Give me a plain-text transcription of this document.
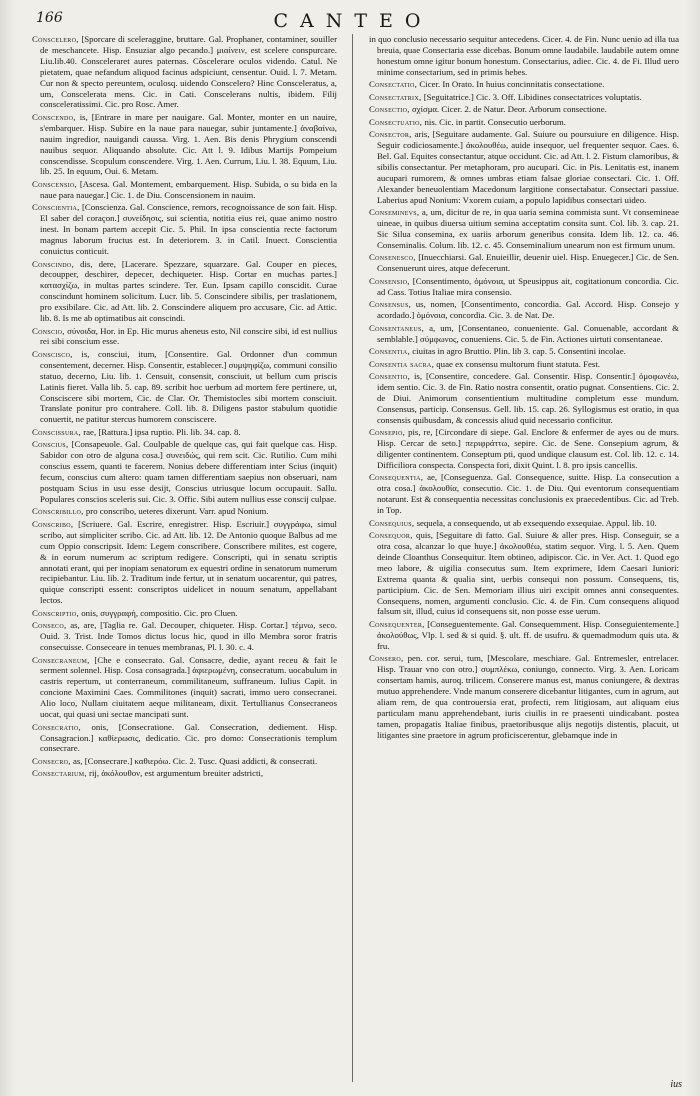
166	CANTEO

Conscelero, [Sporcare di sceleraggine, bruttare. Gal. Prophaner, contaminer, souiller de meschancete. Hisp. Ensuziar algo pecando.] μιαίνειν, est scelere conspurcare. Liu.lib.40. Consceleraret aures paternas. Cõscelerare oculos videndo. Catul. Ne pietatem, quae nefandum aliquod facinus adspiciunt, censentur. Ouid. l. 7. Metam. Cur non & specto pereuntem, oculosq. uidendo Conscelero? Hinc Consceleratus, a, um, Conscelerata mens. Cic. in Cati. Conscelerans nultis, ibidem. Filij consceleratissimi. Cic. pro Rosc. Amer.

Conscendo, is, [Entrare in mare per nauigare. Gal. Monter, monter en un nauire, s'embarquer. Hisp. Subire en la naue para nauegar, subir juntamente.] ἀναβαίνω, nauim ingredior, nauigandi caussa. Virg. 1. Aen. Bis denis Phrygium conscendi nauibus sequor. Aliquando absolute. Cic. Att l. 9. Idibus Martijs Pompeium conscendisse. Scopulum conscendere. Virg. 1. Aen. Currum, Liu. l. 38. Equum, Liu. lib. 25. In equum, Oui. 6. Metam.

Conscensio, [Ascesa. Gal. Montement, embarquement. Hisp. Subida, o su bida en la naue para nauegar.] Cic. 1. de Diu. Conscensionem in nauim.

Conscientia, [Conscienza. Gal. Conscience, remors, recognoissance de son fait. Hisp. El saber del coraçon.] συνείδησις, sui scientia, notitia eius rei, quae animo nostro inest. In bonam partem accepit Cic. 5. Phil. In ipsa conscientia recte factorum magnus laborum fructus est. In deteriorem. 3. in Catil. Inuect. Conscientia conuictus conticuit.

Conscindo, dis, dere, [Lacerare. Spezzare, squarzare. Gal. Couper en pieces, decoupper, deschirer, depecer, dechiqueter. Hisp. Cortar en muchas partes.] κατασχίζω, in multas partes scindere. Ter. Eun. Ipsam capillo conscidit. Curae conscindunt hominem solicitum. Lucr. lib. 5. Conscindere sibilis, per traslationem, pro exsibilare. Cic. ad Att. lib. 2. Conscindere aliquem pro accusare, Cic. ad Attic. lib. 8. Is me ab optimatibus ait conscindi.

Conscio, σύνοιδα, Hor. in Ep. Hic murus aheneus esto, Nil conscire sibi, id est nullius rei sibi conscium esse.

Conscisco, is, consciui, itum, [Consentire. Gal. Ordonner d'un commun consentement, decerner. Hisp. Consentir, establecer.] συμψηφίζω, communi consilio statuo, decerno, Liu. lib. 1. Censuit, consensit, consciuit, ut bellum cum priscis Latinis fieret. Valla lib. 5. cap. 89. scribit hoc uerbum ad mortem fere pertinere, ut, Consciscere sibi mortem, Cic. de Clar. Or. Themistocles sibi mortem consciuit. Translate ponitur pro contrahere. Coll. lib. 8. Diligens pastor stabulum quotidie conuertit, ne patitur stercus humorem consciscere.

Conscissura, rae, [Rattura.] ipsa ruptio. Pli. lib. 34. cap. 8.

Conscius, [Consapeuole. Gal. Coulpable de quelque cas, qui fait quelque cas. Hisp. Sabidor con otro de alguna cosa.] συνειδώς, qui rem scit. Cic. Rutilio. Cum mihi conscius essem, quanti te facerem. Nonius debere differentiam inter Scius (inquit) fecum, conscius cum altero: quam tamen differentiam saepius non obseruari, nam postquam Scius in usu esse desijt, Conscius utriusque locum occupauit. Sallu. Populares conscios sceleris sui. Cic. 3. Offic. Sibi autem nullius esse conscij culpae.

Conscribillo, pro conscribo, ueteres dixerunt. Varr. apud Nonium.

Conscribo, [Scriuere. Gal. Escrire, enregistrer. Hisp. Escriuir.] συγγράφω, simul scribo, aut simpliciter scribo. Cic. ad Att. lib. 12. De Antonio quoque Balbus ad me cum Oppio conscripsit. Idem: Legem conscribere. Conscribere milites, est cogere, & in eorum numerum ac scriptum redigere. Conscripti, qui in senatu scriptis annotati erant, qui per inopiam senatorum ex equestri ordine in senatorum numerum recipiebantur. Liu. lib. 2. Traditum inde fertur, ut in senatum uocarentur, qui patres, quique conscripti essent: conscriptos uidelicet in nouum senatum, appellabant lectos.

Conscriptio, onis, συγγραφή, compositio. Cic. pro Cluen.

Conseco, as, are, [Taglia re. Gal. Decouper, chiqueter. Hisp. Cortar.] τέμνω, seco. Ouid. 3. Trist. Inde Tomos dictus locus hic, quod in illo Membra soror fratris consecuisse. Conseceare in tenues membranas, Pl. l. 30. c. 4.

Consecraneum, [Che e consecrato. Gal. Consacre, dedie, ayant receu & fait le serment solennel. Hisp. Cosa consagrada.] ἀφιερωμένη, consecratum. uocabulum in castris repertum, ut conterraneum, commilitaneum, suffraneum. Iulius Capit. in concione Maximini Caes. Commilitones (inquit) sacrati, immo uero consecranei. Alio loco, Nullam ciuitatem aeque militaneam, dixit. Tertullianus Consecraneos uocat, qui quasi uni sectae mancipati sunt.

Consecratio, onis, [Consecratione. Gal. Consecration, dediement. Hisp. Consagracion.] καθίερωσις, dedicatio. Cic. pro domo: Consecrationis templum consecrare.

Consecro, as, [Consecrare.] καθιερόω. Cic. 2. Tusc. Quasi addicti, & consecrati.

Consectarium, rij, ἀκόλουθον, est argumentum breuiter adstricti,

in quo conclusio necessario sequitur antecedens. Cicer. 4. de Fin. Nunc uenio ad illa tua breuia, quae Consectaria esse dicebas. Bonum omne laudabile. laudabile autem omne honestum omne igitur bonum honestum. Consectarius, adiec. Cic. 4. de Fi. Illud uero minime consectarium, sed in primis hebes.

Consectatio, Cicer. In Orato. In huius concinnitatis consectatione.

Consectatrix, [Seguitatrice.] Cic. 3. Off. Libidines consectatrices voluptatis.

Consectio, σχίσμα. Cicer. 2. de Natur. Deor. Arborum consectione.

Consectuatio, nis. Cic. in partit. Consecutio uerborum.

Consector, aris, [Seguitare audamente. Gal. Suiure ou poursuiure en diligence. Hisp. Seguir codiciosamente.] ἀκολουθέω, auide insequor, uel frequenter sequor. Caes. 6. Bel. Gal. Equites consectantur, atque occidunt. Cic. ad Att. l. 2. Fistum clamoribus, & sibilis consectantur. Per metaphoram, pro aucupari. Cic. in Pis. Lenitatis est, inanem aucupari rumorem, & omnes umbras etiam falsae gloriae consectari. Cic. 1. Off. Alexander beneuolentiam Macedonum largitione consectabatur. Consectari passiue. Laberius apud Nonium: Vxorem cuiam, a populo lapidibus consectari uideo.

Conseminevs, a, um, dicitur de re, in qua uaria semina commista sunt. Vt consemineae uineae, in quibus diuersa uitium semina acceptatim consita sunt. Col. lib. 3. cap. 21. Sic Silua consemina, ex uariis arborum generibus consita. Idem lib. 12. ca. 46. Conseminalis. Colum. lib. 12. c. 45. Conseminalium unearum non est firmum unum.

Consenesco, [Inuecchiarsi. Gal. Enuieillir, deuenir uiel. Hisp. Enuegecer.] Cic. de Sen. Consenuerunt uires, atque defecerunt.

Consensio, [Consentimento, ὁμόνοια, ut Speusippus ait, cogitationum concordia. Cic. ad Cass. Totius Italiae mira consensio.

Consensus, us, nomen, [Consentimento, concordia. Gal. Accord. Hisp. Consejo y acordado.] ὁμόνοια, concordia. Cic. 3. de Nat. De.

Consentaneus, a, um, [Consentaneo, conueniente. Gal. Conuenable, accordant & semblable.] σύμφωνος, conueniens. Cic. 5. de Fin. Actiones uirtuti consentaneae.

Consentia, ciuitas in agro Bruttio. Plin. lib 3. cap. 5. Consentini incolae.

Consentia sacra, quae ex consensu multorum fiunt statuta. Fest.

Consentio, is, [Consentire, concedere. Gal. Consentir. Hisp. Consentir.] ὁμοφωνέω, idem sentio. Cic. 3. de Fin. Ratio nostra consentit, oratio pugnat. Consentiens. Cic. 2. de Diui. Animorum consentientium multitudine completum esse mundum. Consensus, particip. Consensus. Gell. lib. 15. cap. 26. Syllogismus est oratio, in qua consensis quibusdam, & concessis aliud quid necessario conficitur.

Consepio, pis, re, [Circondare di siepe. Gal. Enclore & enfermer de ayes ou de murs. Hisp. Cercar de seto.] περιφράττω, sepire. Cic. de Sene. Consepium agrum, & diligenter continentem. Conseptum pti, quod undique clausum est. Col. lib. 12. c. 14. Difficiliora conspecta. Conspecta fori, dixit Quint. l. 8. pro ipsis cancellis.

Consequentia, ae, [Conseguenza. Gal. Consequence, suitte. Hisp. La consecution a otra cosa.] ἀκολουθία, consecutio. Cic. 1. de Diu. Qui eventorum consequentiam notarunt. Est & consequentia necessitas conclusionis ex praecedentibus. Cic. ad Treb. in Top.

Consequius, sequela, a consequendo, ut ab exsequendo exsequiae. Appul. lib. 10.

Consequor, quis, [Seguitare di fatto. Gal. Suiure & aller pres. Hisp. Conseguir, se a otra cosa, alcanzar lo que huye.] ἀκολουθέω, statim sequor. Virg. l. 5. Aen. Quem deinde Cloanthus Consequitur. Item obtineo, adipiscor. Cic. in Ver. Act. 1. Quod ego meo labore, & uigilia consecutus sum. Item exprimere, Idem Caesari Iuniori: Extrema quanta & qualia sint, uerbis consequi non possum. Consequens, tis, participium. Cic. de Sen. Memoriam illius uiri excipit omnes anni consequentes. Consequens, nomen, argumenti conclusio. Cic. 4. de Fin. Cum consequens aliquod falsum sit, illud, cuius id consequens sit, non posse esse uerum.

Consequenter, [Conseguentemente. Gal. Consequemment. Hisp. Conseguientemente.] ἀκολούθως, Vlp. l. sed & si quid. §. ult. ff. de usufru. & quemadmodum quis uta. & fru.

Consero, pen. cor. serui, tum, [Mescolare, meschiare. Gal. Entremesler, entrelacer. Hisp. Trauar vno con otro.] συμπλέκω, coniungo, connecto. Virg. 3. Aen. Loricam consertam hamis, auroq. trilicem. Conserere manus est, manus coniungere, & dextras mutuo apprehendere. Vnde manum conserere dicebantur litigantes, cum in agrum, aut aliam rem, de qua controuersia erat, profecti, rem litigiosam, aut aliquam eius particulam manu apprehendebant, iuris ciuilis in re praesenti uindicabant. postea tamen, propagatis Italiae finibus, praetoribusque alijs negotijs distentis, placuit, ut litigantes sine praetore in agrum proficiscerentur, glebamque inde in

ius
